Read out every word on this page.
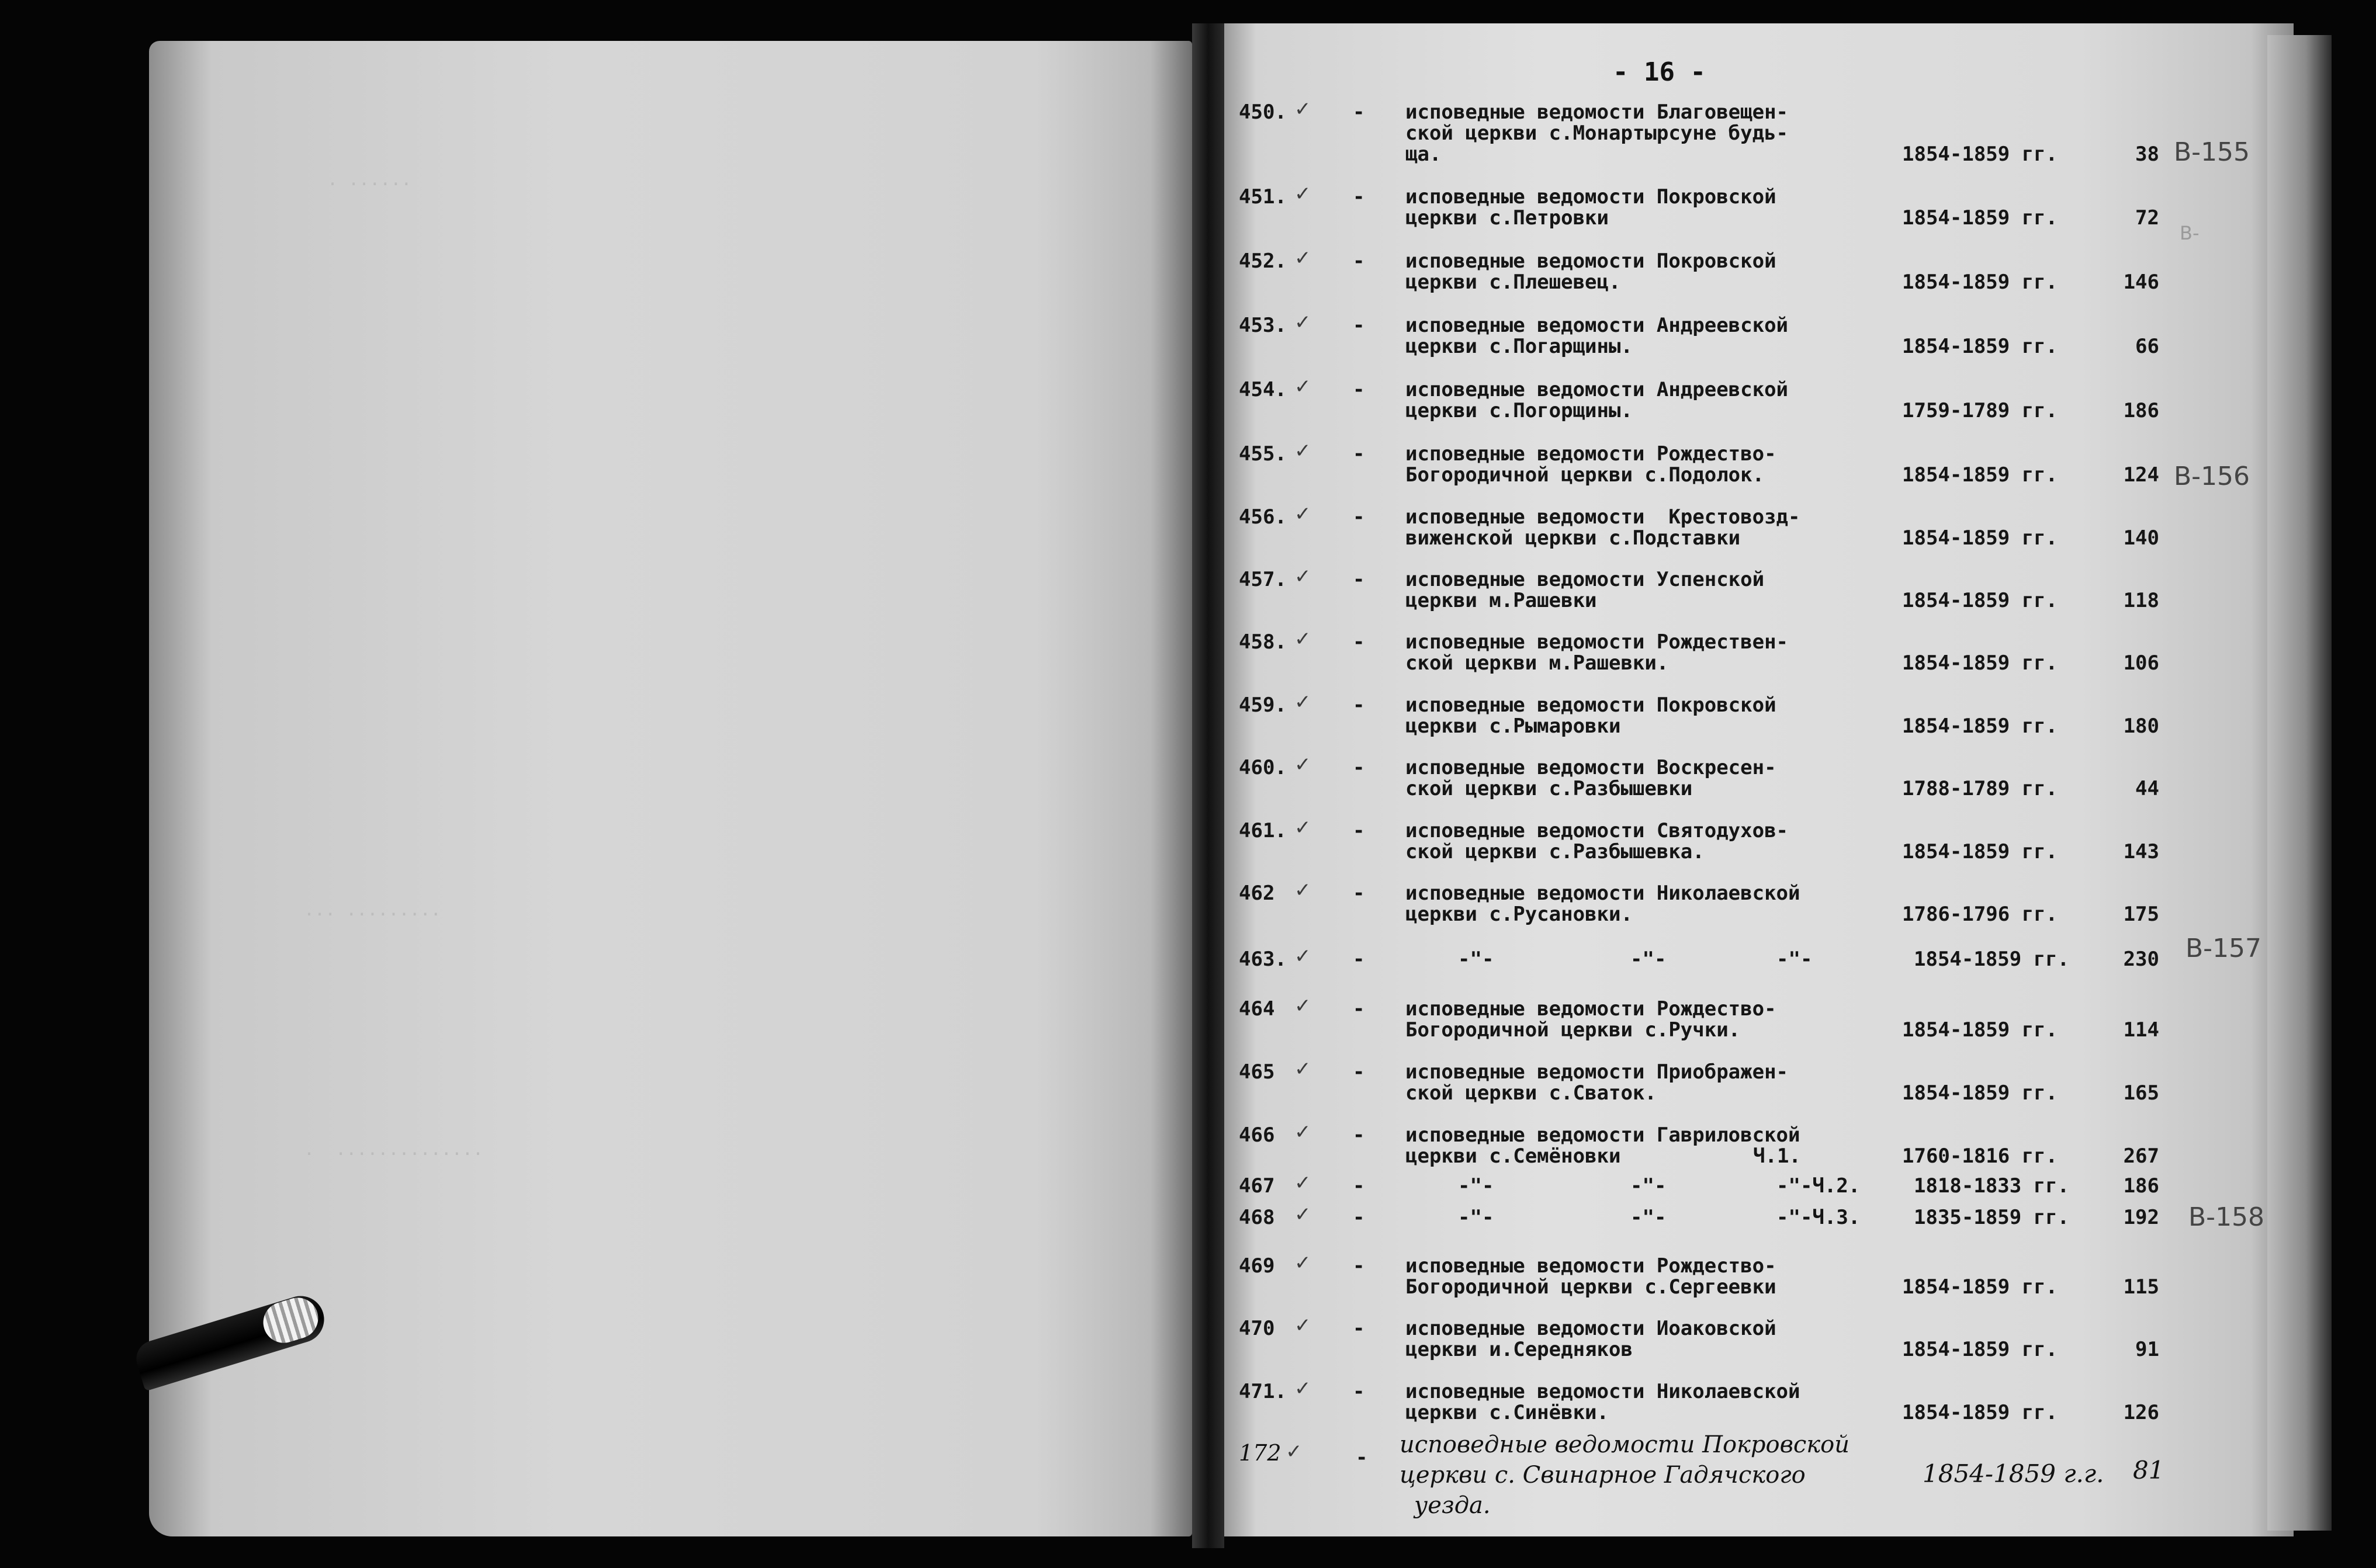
- 16 -
450. ✓ - исповедные ведомости Благовещен-
ской церкви с.Монартырсуне будь-
ща.	1854-1859 гг.	38 В-155
451. ✓ - исповедные ведомости Покровской
церкви с.Петровки	1854-1859 гг.	72
В-
452. ✓ - исповедные ведомости Покровской
церкви с.Плешевец.	1854-1859 гг.	146
453. ✓ - исповедные ведомости Андреевской
церкви с.Погарщины.	1854-1859 гг.	66
454. ✓ - исповедные ведомости Андреевской
церкви с.Погорщины.	1759-1789 гг.	186
455. ✓ - исповедные ведомости Рождество-
Богородичной церкви с.Подолок.	1854-1859 гг.	124 В-156
456. ✓ - исповедные ведомости  Крестовозд-
виженской церкви с.Подставки	1854-1859 гг.	140
457. ✓ - исповедные ведомости Успенской
церкви м.Рашевки	1854-1859 гг.	118
458. ✓ - исповедные ведомости Рождествен-
ской церкви м.Рашевки.	1854-1859 гг.	106
459. ✓ - исповедные ведомости Покровской
церкви с.Рымаровки	1854-1859 гг.	180
460. ✓ - исповедные ведомости Воскресен-
ской церкви с.Разбышевки	1788-1789 гг.	44
461. ✓ - исповедные ведомости Святодухов-
ской церкви с.Разбышевка.	1854-1859 гг.	143
462 ✓ - исповедные ведомости Николаевской
церкви с.Русановки.	1786-1796 гг.	175
463. ✓ -	-"-	-"-	-"-	1854-1859 гг.	230 В-157
464 ✓ - исповедные ведомости Рождество-
Богородичной церкви с.Ручки.	1854-1859 гг.	114
465 ✓ - исповедные ведомости Приображен-
ской церкви с.Сваток.	1854-1859 гг.	165
466 ✓ - исповедные ведомости Гавриловской
церкви с.Семёновки	Ч.1.	1760-1816 гг.	267
467 ✓ -	-"-	-"-	-"-Ч.2.	1818-1833 гг.	186
468 ✓ -	-"-	-"-	-"-Ч.3.	1835-1859 гг.	192 В-158
469 ✓ - исповедные ведомости Рождество-
Богородичной церкви с.Сергеевки	1854-1859 гг.	115
470 ✓ - исповедные ведомости Иоаковской
церкви и.Середняков	1854-1859 гг.	91
471. ✓ - исповедные ведомости Николаевской
церкви с.Синёвки.	1854-1859 гг.	126
172 ✓	- исповедные ведомости Покровской
церкви с. Свинарное Гадячского
уезда.
1854-1859 г.г. 81
. ......
... .........
.  ..............
